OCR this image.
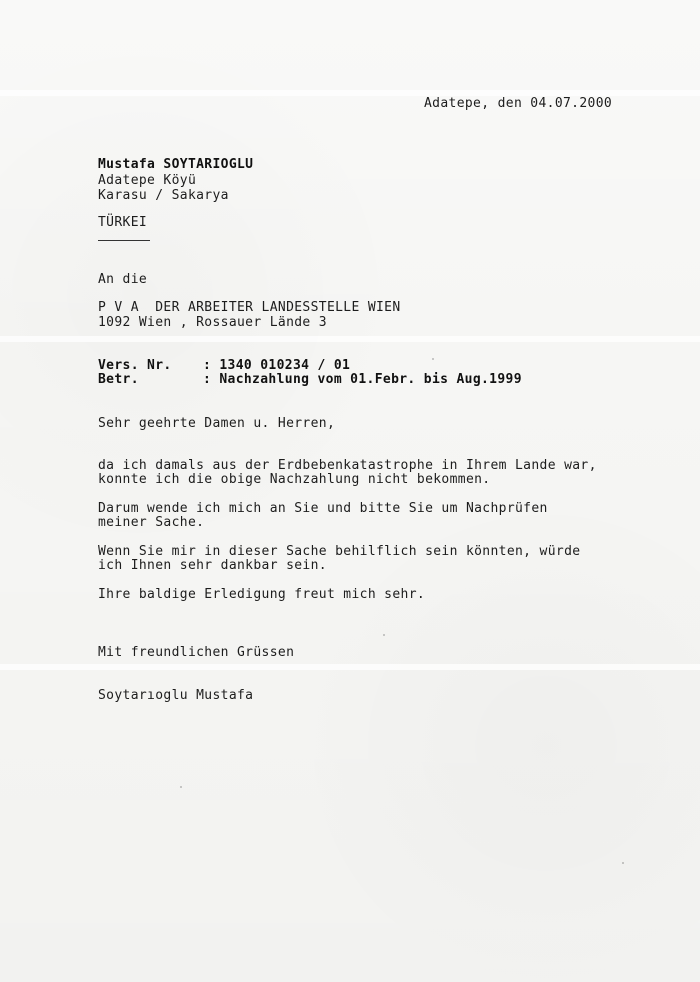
Adatepe, den 04.07.2000
Mustafa SOYTARIOGLU
Adatepe Köyü
Karasu / Sakarya
TÜRKEI
An die
P V A  DER ARBEITER LANDESSTELLE WIEN
1092 Wien , Rossauer Lände 3
Vers. Nr. : 1340 010234 / 01
Betr.	: Nachzahlung vom 01.Febr. bis Aug.1999
Sehr geehrte Damen u. Herren,
da ich damals aus der Erdbebenkatastrophe in Ihrem Lande war,
konnte ich die obige Nachzahlung nicht bekommen.
Darum wende ich mich an Sie und bitte Sie um Nachprüfen
meiner Sache.
Wenn Sie mir in dieser Sache behilflich sein könnten, würde
ich Ihnen sehr dankbar sein.
Ihre baldige Erledigung freut mich sehr.
Mit freundlichen Grüssen
Soytarıoglu Mustafa
